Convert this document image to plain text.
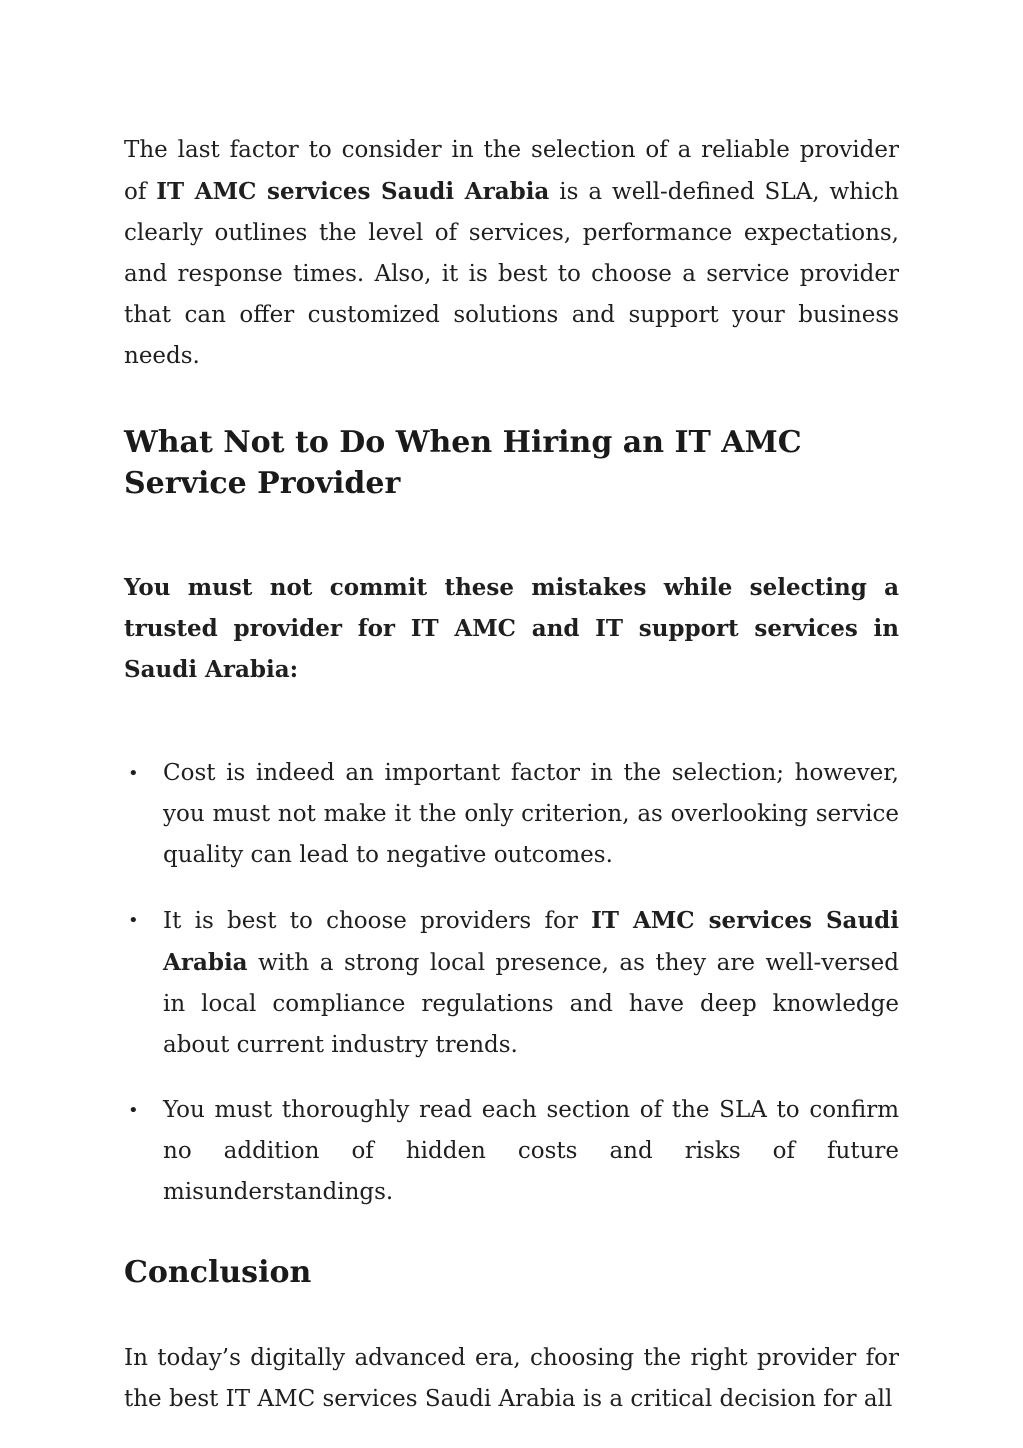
The last factor to consider in the selection of a reliable provider of IT AMC services Saudi Arabia is a well-defined SLA, which clearly outlines the level of services, performance expectations, and response times. Also, it is best to choose a service provider that can offer customized solutions and support your business needs.

What Not to Do When Hiring an IT AMC Service Provider

You must not commit these mistakes while selecting a trusted provider for IT AMC and IT support services in Saudi Arabia:

• Cost is indeed an important factor in the selection; however, you must not make it the only criterion, as overlooking service quality can lead to negative outcomes.
• It is best to choose providers for IT AMC services Saudi Arabia with a strong local presence, as they are well-versed in local compliance regulations and have deep knowledge about current industry trends.
• You must thoroughly read each section of the SLA to confirm no addition of hidden costs and risks of future misunderstandings.
Conclusion

In today’s digitally advanced era, choosing the right provider for the best IT AMC services Saudi Arabia is a critical decision for all
